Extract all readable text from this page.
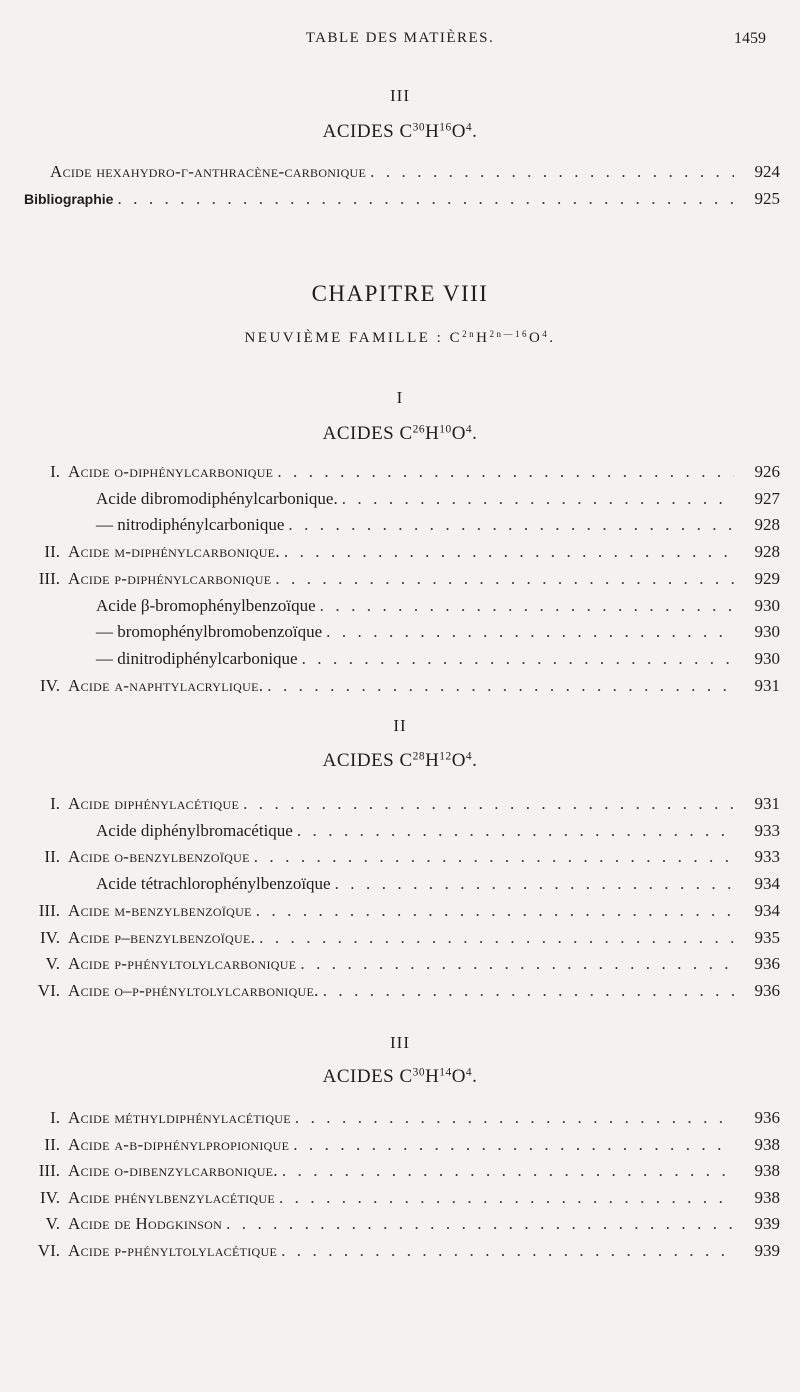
TABLE DES MATIÈRES.	1459
III
ACIDES $C^{30}H^{16}O^4$.
Acide hexahydro-γ-anthracène-carbonique . . .	924
Bibliographie . . .	925
CHAPITRE VIII
NEUVIÈME FAMILLE : $C^{2n}H^{2n—16}O^4$.
I
ACIDES $C^{26}H^{10}O^4$.
I. Acide o-diphénylcarbonique . . .	926
Acide dibromodiphénylcarbonique. . . .	927
— nitrodiphénylcarbonique . . .	928
II. Acide m-diphénylcarbonique. . . .	928
III. Acide p-diphénylcarbonique . . .	929
Acide β-bromophénylbenzoïque . . .	930
— bromophénylbromobenzoïque . . .	930
— dinitrodiphénylcarbonique . . .	930
IV. Acide α-naphtylacrylique. . . .	931
II
ACIDES $C^{28}H^{12}O^4$.
I. Acide diphénylacétique . . .	931
Acide diphénylbromacétique . . .	933
II. Acide o-benzylbenzoïque . . .	933
Acide tétrachlorophénylbenzoïque . . .	934
III. Acide m-benzylbenzoïque . . .	934
IV. Acide p–benzylbenzoïque. . . .	935
V. Acide p-phényltolylcarbonique . . .	936
VI. Acide o–p-phényltolylcarbonique. . . .	936
III
ACIDES $C^{30}H^{14}O^4$.
I. Acide méthyldiphénylacétique . . .	936
II. Acide α-β-diphénylpropionique . . .	938
III. Acide o-dibenzylcarbonique. . . .	938
IV. Acide phénylbenzylacétique . . .	938
V. Acide de Hodgkinson . . .	939
VI. Acide p-phényltolylacétique . . .	939
